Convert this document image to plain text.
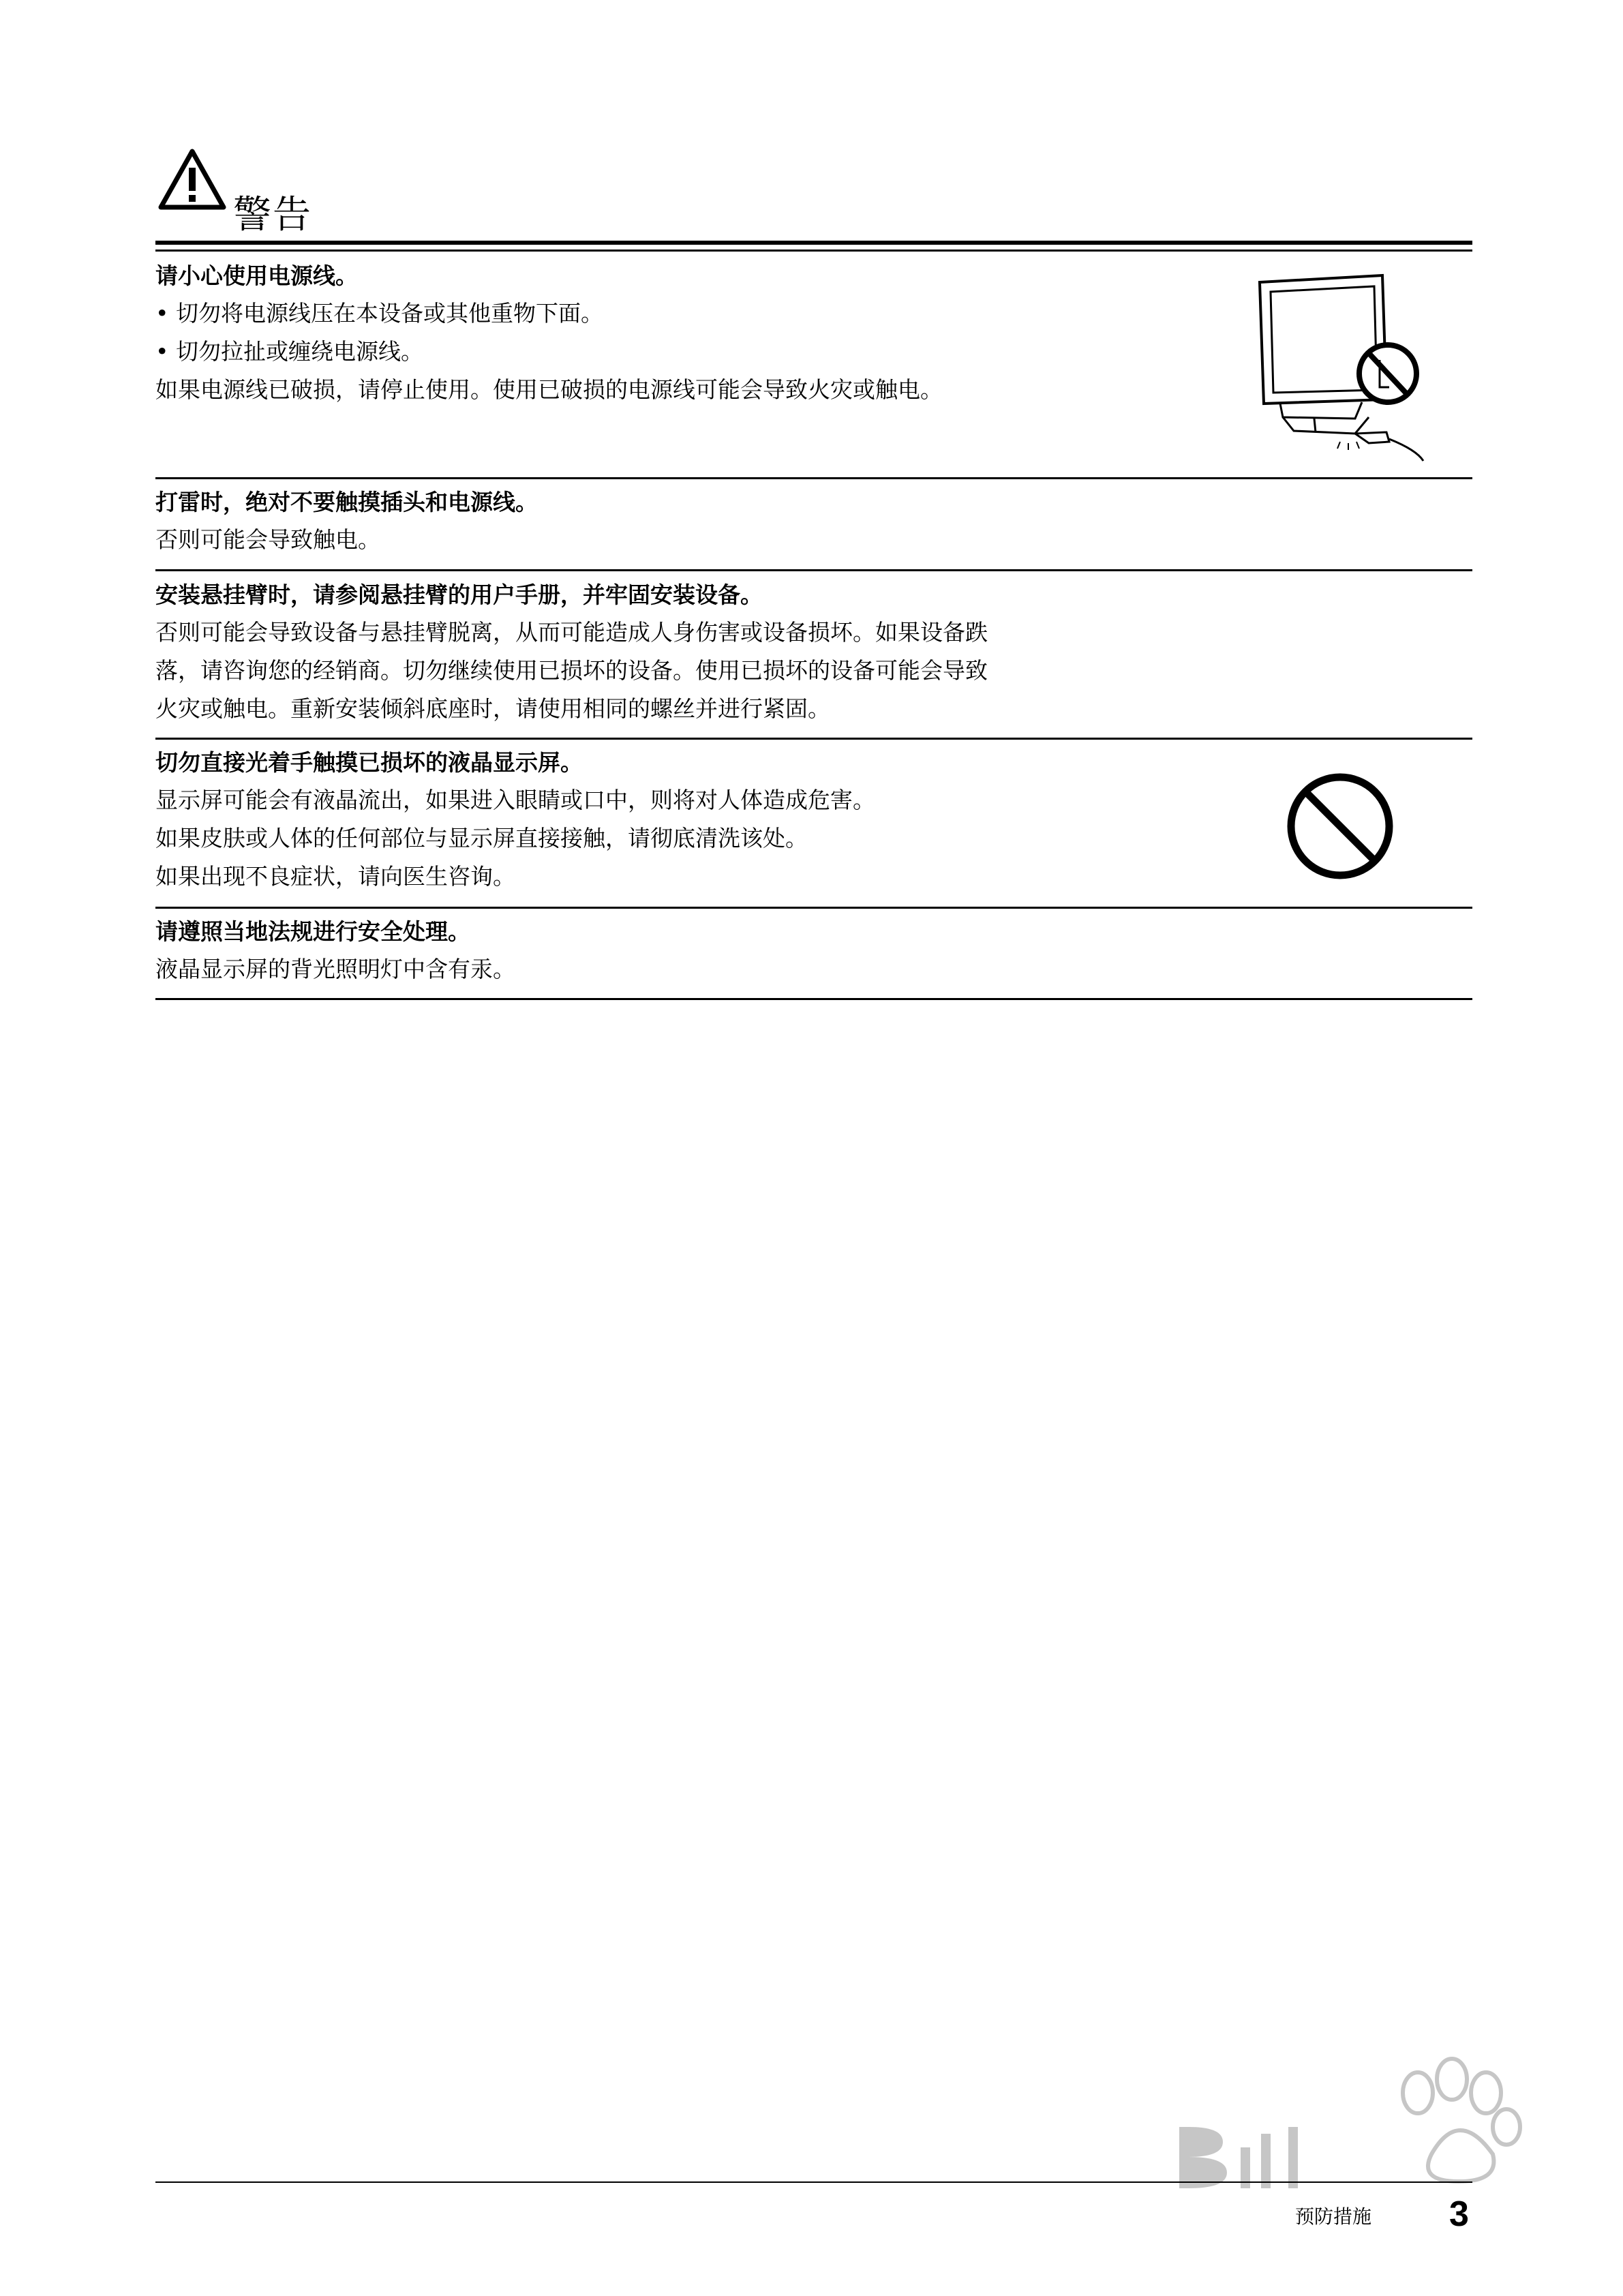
警告
请小心使用电源线。
• 切勿将电源线压在本设备或其他重物下面。
• 切勿拉扯或缠绕电源线。
如果电源线已破损，请停止使用。使用已破损的电源线可能会导致火灾或触电。
打雷时，绝对不要触摸插头和电源线。
否则可能会导致触电。
安装悬挂臂时，请参阅悬挂臂的用户手册，并牢固安装设备。
否则可能会导致设备与悬挂臂脱离，从而可能造成人身伤害或设备损坏。如果设备跌
落，请咨询您的经销商。切勿继续使用已损坏的设备。使用已损坏的设备可能会导致
火灾或触电。重新安装倾斜底座时，请使用相同的螺丝并进行紧固。
切勿直接光着手触摸已损坏的液晶显示屏。
显示屏可能会有液晶流出，如果进入眼睛或口中，则将对人体造成危害。
如果皮肤或人体的任何部位与显示屏直接接触，请彻底清洗该处。
如果出现不良症状，请向医生咨询。
请遵照当地法规进行安全处理。
液晶显示屏的背光照明灯中含有汞。
预防措施 3
